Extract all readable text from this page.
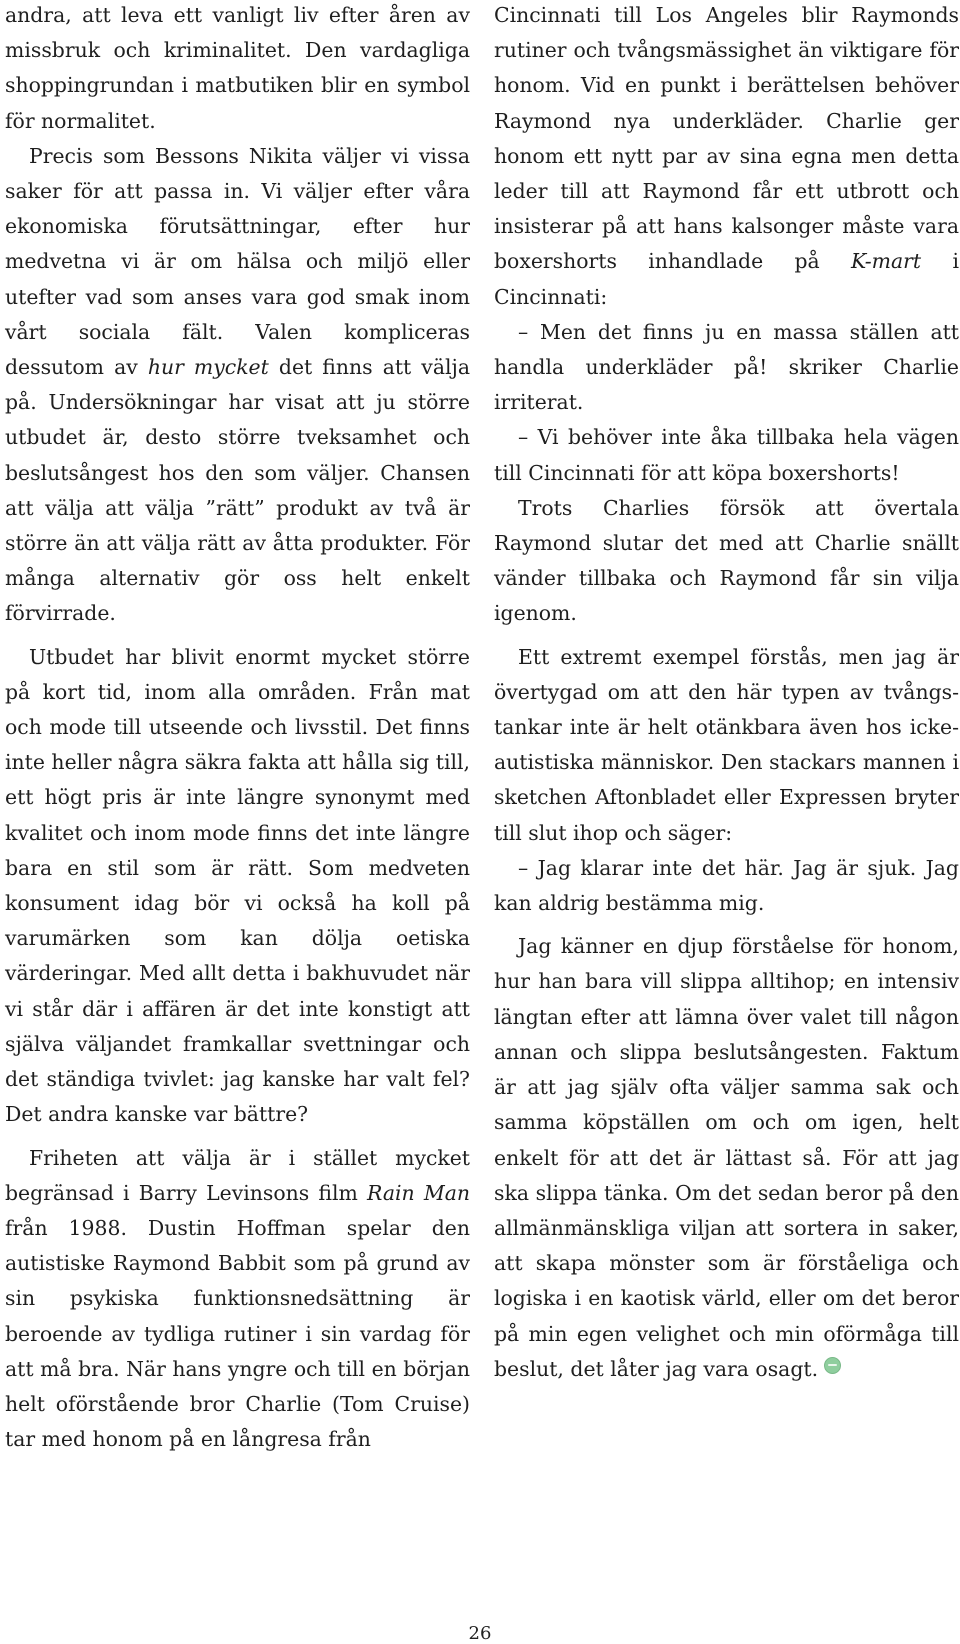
andra, att leva ett vanligt liv efter åren av missbruk och kriminalitet. Den vardagliga shoppingrundan i matbutiken blir en symbol för normalitet.

Precis som Bessons Nikita väljer vi vissa saker för att passa in. Vi väljer efter våra ekonomiska förutsättningar, efter hur medvetna vi är om hälsa och miljö eller utefter vad som anses vara god smak inom vårt sociala fält. Valen kompliceras dessutom av hur mycket det finns att välja på. Undersökningar har visat att ju större utbudet är, desto större tveksamhet och beslutsångest hos den som väljer. Chansen att välja att välja ”rätt” produkt av två är större än att välja rätt av åtta produkter. För många alternativ gör oss helt enkelt förvirrade.

Utbudet har blivit enormt mycket större på kort tid, inom alla områden. Från mat och mode till utseende och livsstil. Det finns inte heller några säkra fakta att hålla sig till, ett högt pris är inte längre synonymt med kvalitet och inom mode finns det inte längre bara en stil som är rätt. Som medveten konsument idag bör vi också ha koll på varumärken som kan dölja oetiska värderingar. Med allt detta i bakhuvudet när vi står där i affären är det inte konstigt att själva väljandet framkallar svettningar och det ständiga tvivlet: jag kanske har valt fel? Det andra kanske var bättre?

Friheten att välja är i stället mycket begränsad i Barry Levinsons film Rain Man från 1988. Dustin Hoffman spelar den autistiske Raymond Babbit som på grund av sin psykiska funktionsnedsättning är beroende av tydliga rutiner i sin vardag för att må bra. När hans yngre och till en början helt oförstående bror Charlie (Tom Cruise) tar med honom på en långresa från

Cincinnati till Los Angeles blir Raymonds rutiner och tvångsmässighet än viktigare för honom. Vid en punkt i berättelsen behöver Raymond nya underkläder. Charlie ger honom ett nytt par av sina egna men detta leder till att Raymond får ett utbrott och insisterar på att hans kalsonger måste vara boxershorts inhandlade på K-mart i Cincinnati:

– Men det finns ju en massa ställen att handla underkläder på! skriker Charlie irriterat.

– Vi behöver inte åka tillbaka hela vägen till Cincinnati för att köpa boxershorts!

Trots Charlies försök att övertala Raymond slutar det med att Charlie snällt vänder tillbaka och Raymond får sin vilja igenom.

Ett extremt exempel förstås, men jag är övertygad om att den här typen av tvångstankar inte är helt otänkbara även hos icke-autistiska människor. Den stackars mannen i sketchen Aftonbladet eller Expressen bryter till slut ihop och säger:

– Jag klarar inte det här. Jag är sjuk. Jag kan aldrig bestämma mig.

Jag känner en djup förståelse för honom, hur han bara vill slippa alltihop; en intensiv längtan efter att lämna över valet till någon annan och slippa beslutsångesten. Faktum är att jag själv ofta väljer samma sak och samma köpställen om och om igen, helt enkelt för att det är lättast så. För att jag ska slippa tänka. Om det sedan beror på den allmänmänskliga viljan att sortera in saker, att skapa mönster som är förståeliga och logiska i en kaotisk värld, eller om det beror på min egen velighet och min oförmåga till beslut, det låter jag vara osagt.

26
